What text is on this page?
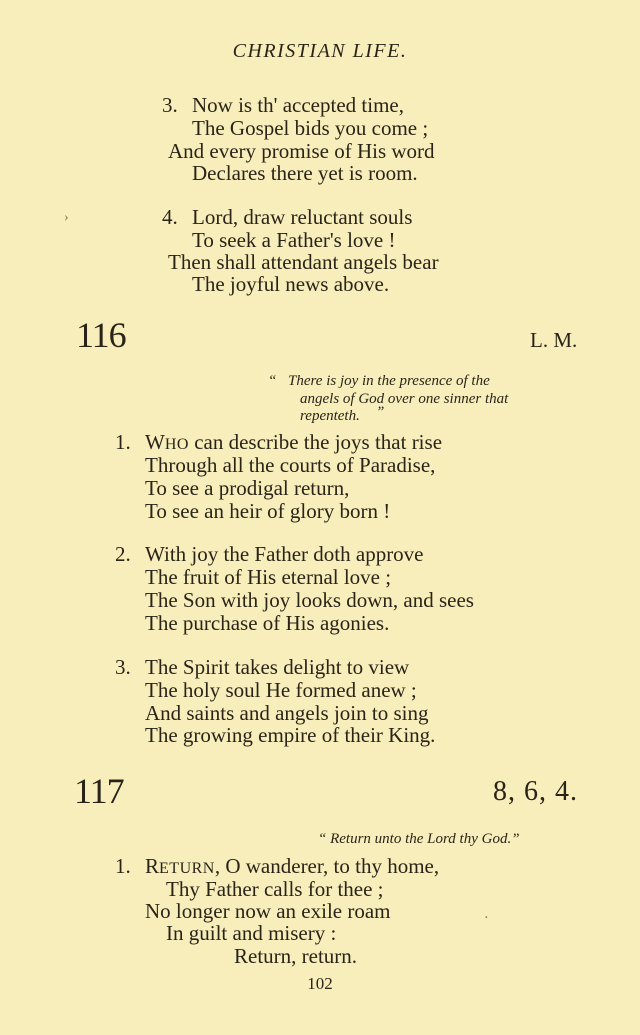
CHRISTIAN LIFE.
3. Now is th' accepted time,
The Gospel bids you come ;
And every promise of His word
Declares there yet is room.
4. Lord, draw reluctant souls
To seek a Father's love !
Then shall attendant angels bear
The joyful news above.
›
116	L. M.
“ There is joy in the presence of the
angels of God over one sinner that
repenteth. ”
1. WHO can describe the joys that rise
Through all the courts of Paradise,
To see a prodigal return,
To see an heir of glory born !
2. With joy the Father doth approve
The fruit of His eternal love ;
The Son with joy looks down, and sees
The purchase of His agonies.
3. The Spirit takes delight to view
The holy soul He formed anew ;
And saints and angels join to sing
The growing empire of their King.
117	8, 6, 4.
“ Return unto the Lord thy God.”
1. RETURN, O wanderer, to thy home,
Thy Father calls for thee ;
No longer now an exile roam
In guilt and misery :
Return, return.
․
102
